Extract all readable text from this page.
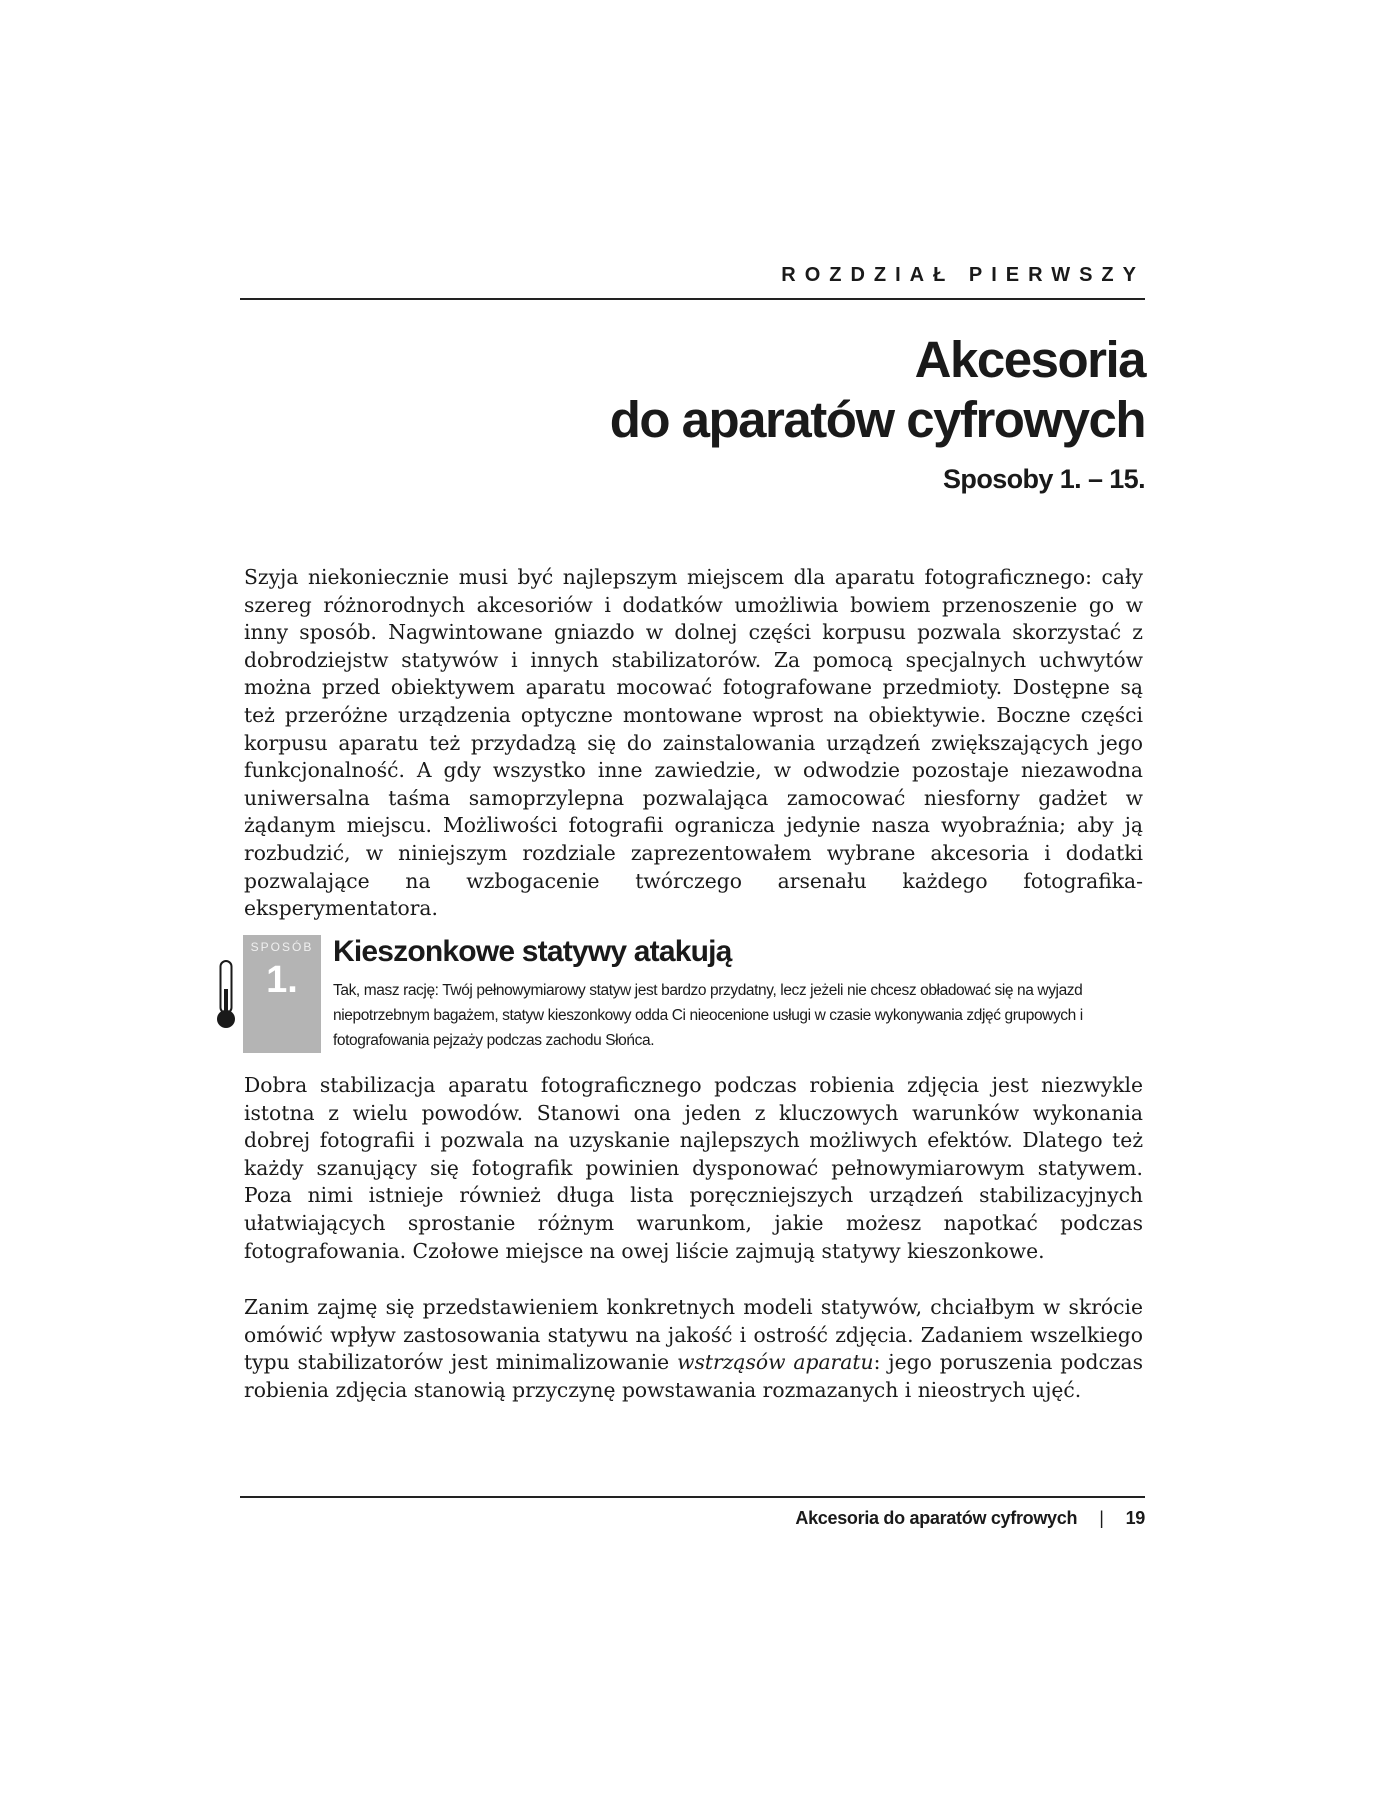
ROZDZIAŁ PIERWSZY
Akcesoria
do aparatów cyfrowych
Sposoby 1. – 15.

Szyja niekoniecznie musi być najlepszym miejscem dla aparatu fotograficznego: cały szereg różnorodnych akcesoriów i dodatków umożliwia bowiem przenoszenie go w inny sposób. Nagwintowane gniazdo w dolnej części korpusu pozwala skorzystać z dobrodziejstw statywów i innych stabilizatorów. Za pomocą specjalnych uchwytów można przed obiektywem aparatu mocować fotografowane przedmioty. Dostępne są też przeróżne urządzenia optyczne montowane wprost na obiektywie. Boczne części korpusu aparatu też przydadzą się do zainstalowania urządzeń zwiększających jego funkcjonalność. A gdy wszystko inne zawiedzie, w odwodzie pozostaje niezawodna uniwersalna taśma samoprzylepna pozwalająca zamocować niesforny gadżet w żądanym miejscu. Możliwości fotografii ogranicza jedynie nasza wyobraźnia; aby ją rozbudzić, w niniejszym rozdziale zaprezentowałem wybrane akcesoria i dodatki pozwalające na wzbogacenie twórczego arsenału każdego fotografika-eksperymentatora.

SPOSÓB
1.
Kieszonkowe statywy atakują

Tak, masz rację: Twój pełnowymiarowy statyw jest bardzo przydatny, lecz jeżeli nie chcesz obładować się na wyjazd niepotrzebnym bagażem, statyw kieszonkowy odda Ci nieocenione usługi w czasie wykonywania zdjęć grupowych i fotografowania pejzaży podczas zachodu Słońca.

Dobra stabilizacja aparatu fotograficznego podczas robienia zdjęcia jest niezwykle istotna z wielu powodów. Stanowi ona jeden z kluczowych warunków wykonania dobrej fotografii i pozwala na uzyskanie najlepszych możliwych efektów. Dlatego też każdy szanujący się fotografik powinien dysponować pełnowymiarowym statywem. Poza nimi istnieje również długa lista poręczniejszych urządzeń stabilizacyjnych ułatwiających sprostanie różnym warunkom, jakie możesz napotkać podczas fotografowania. Czołowe miejsce na owej liście zajmują statywy kieszonkowe.

Zanim zajmę się przedstawieniem konkretnych modeli statywów, chciałbym w skrócie omówić wpływ zastosowania statywu na jakość i ostrość zdjęcia. Zadaniem wszelkiego typu stabilizatorów jest minimalizowanie wstrząsów aparatu: jego poruszenia podczas robienia zdjęcia stanowią przyczynę powstawania rozmazanych i nieostrych ujęć.

Akcesoria do aparatów cyfrowych | 19
